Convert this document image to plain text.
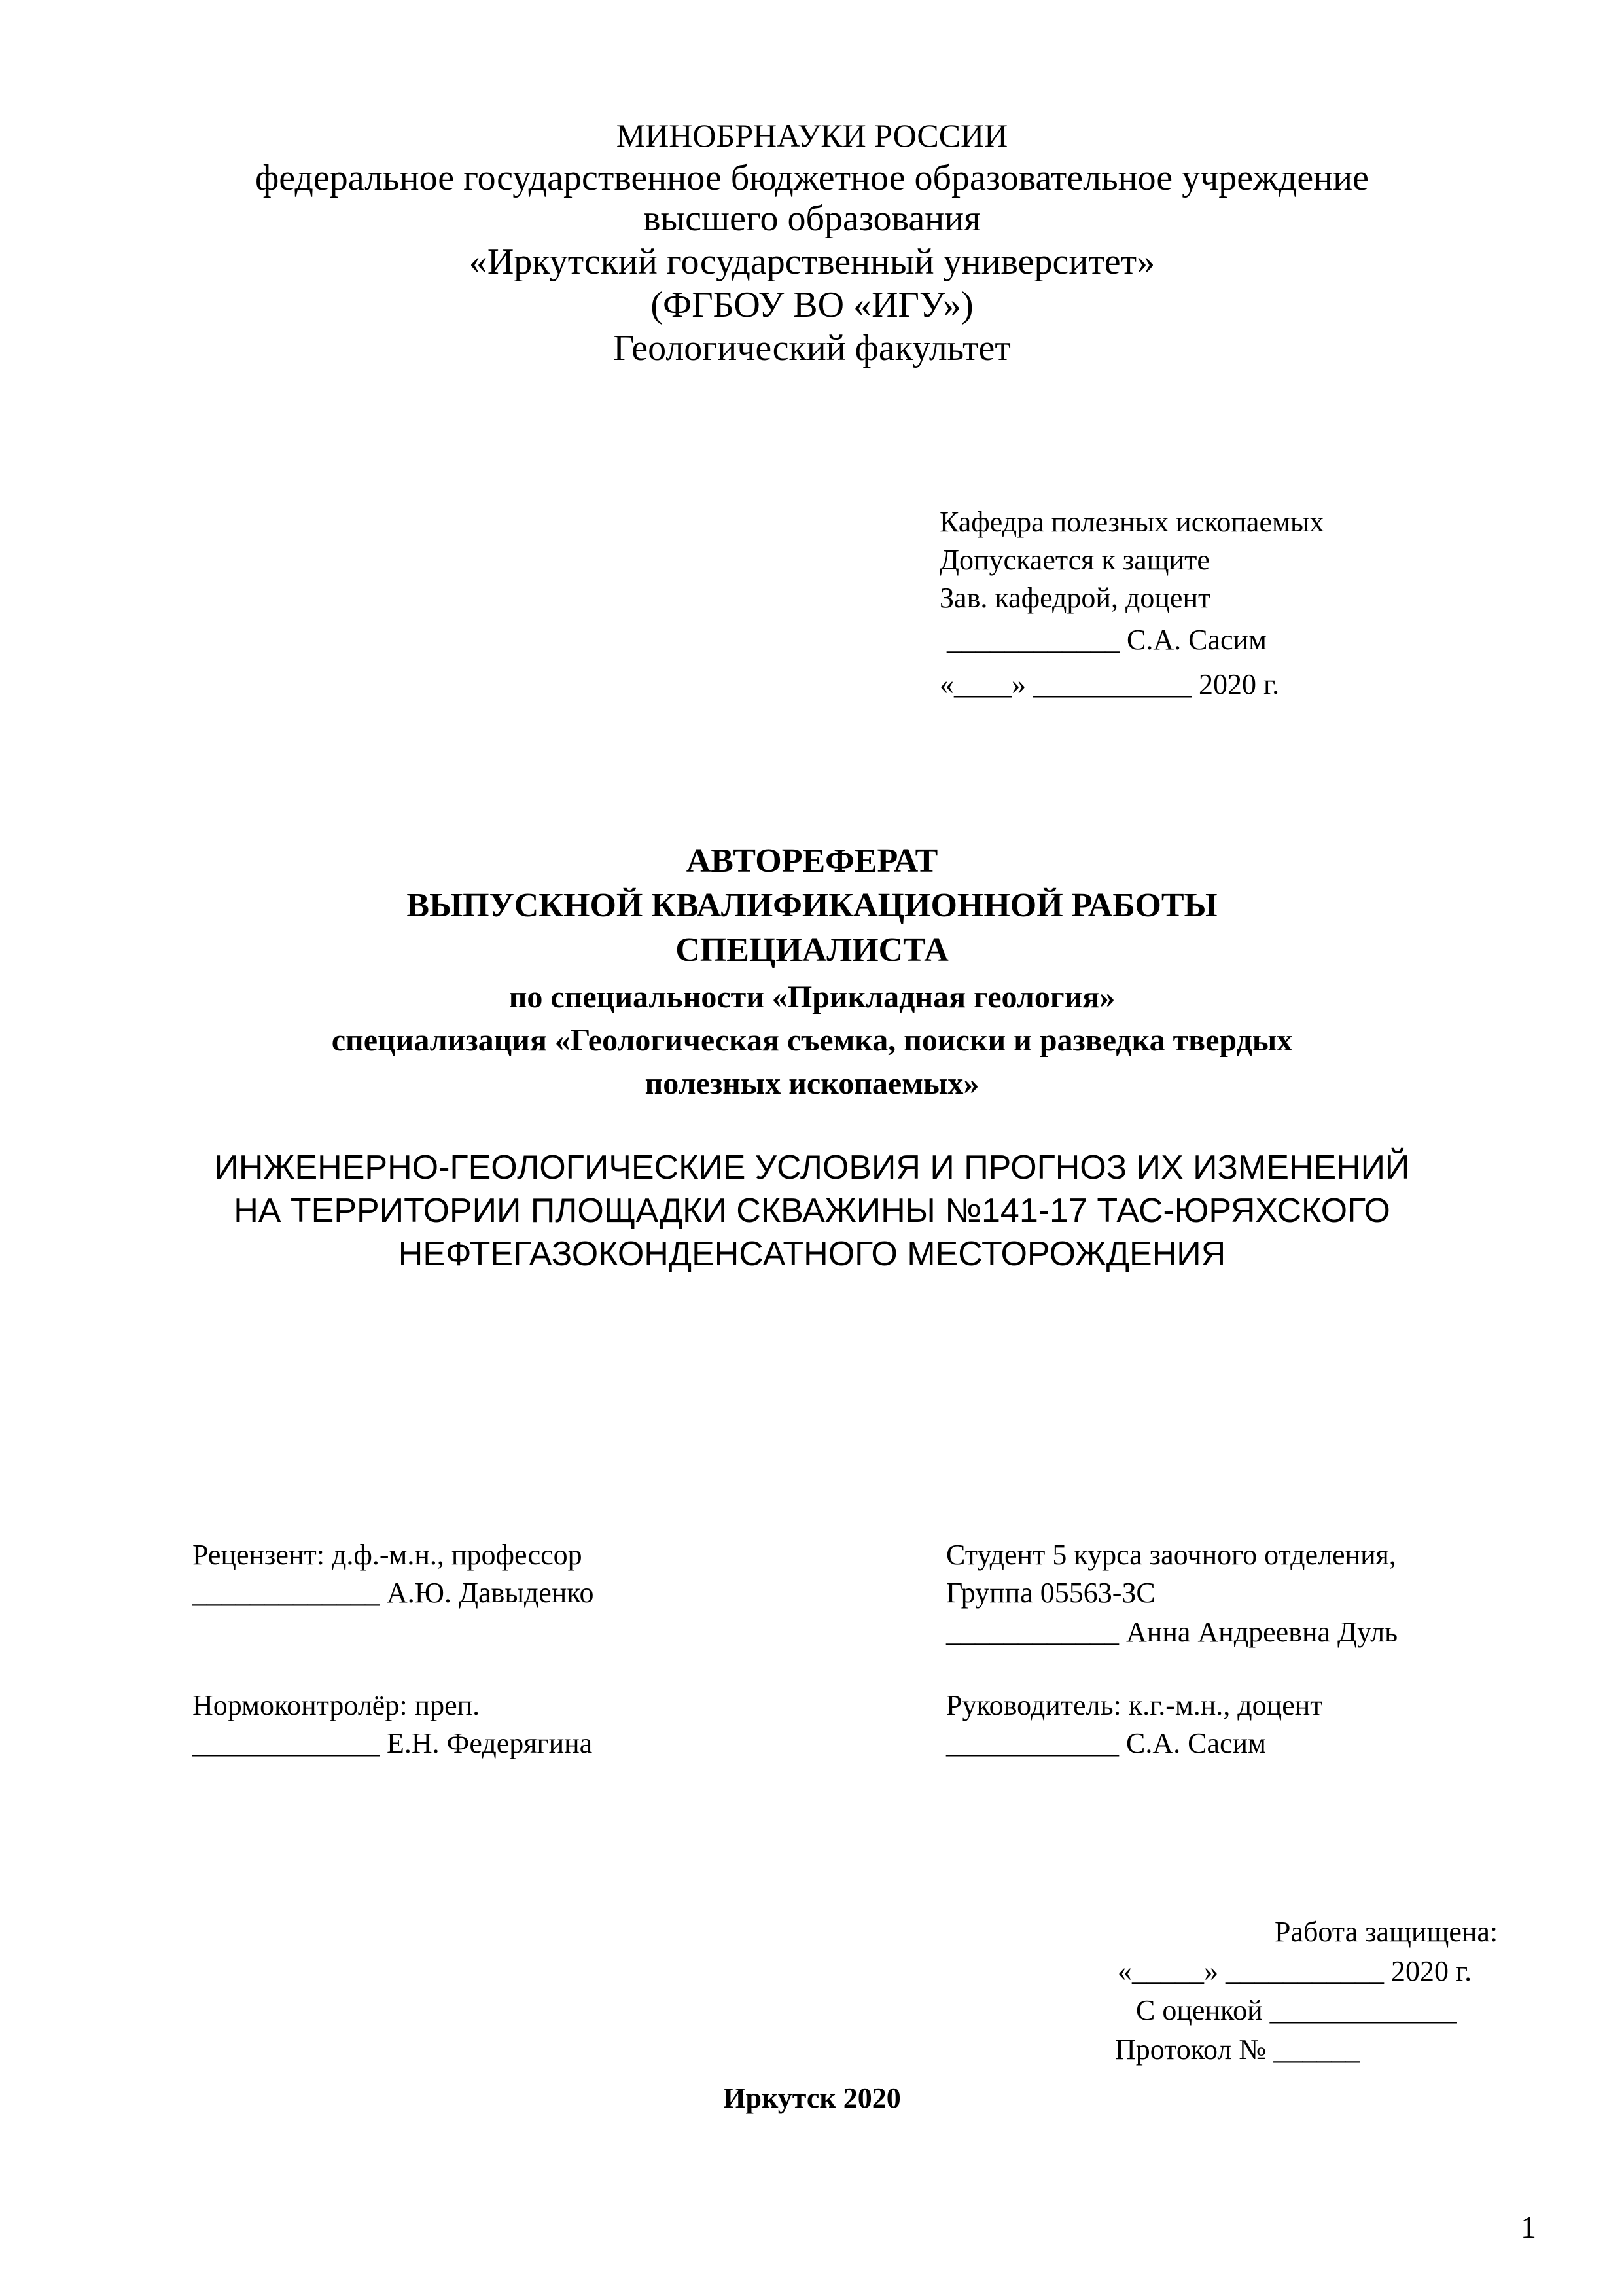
МИНОБРНАУКИ РОССИИ
федеральное государственное бюджетное образовательное учреждение
высшего образования
«Иркутский государственный университет»
(ФГБОУ ВО «ИГУ»)
Геологический факультет
Кафедра полезных ископаемых
Допускается к защите
Зав. кафедрой, доцент
____________ С.А. Сасим
«____» ___________ 2020 г.
АВТОРЕФЕРАТ
ВЫПУСКНОЙ КВАЛИФИКАЦИОННОЙ РАБОТЫ
СПЕЦИАЛИСТА
по специальности «Прикладная геология»
специализация «Геологическая съемка, поиски и разведка твердых
полезных ископаемых»
ИНЖЕНЕРНО-ГЕОЛОГИЧЕСКИЕ УСЛОВИЯ И ПРОГНОЗ ИХ ИЗМЕНЕНИЙ
НА ТЕРРИТОРИИ ПЛОЩАДКИ СКВАЖИНЫ №141-17 ТАС-ЮРЯХСКОГО
НЕФТЕГАЗОКОНДЕНСАТНОГО МЕСТОРОЖДЕНИЯ
Рецензент: д.ф.-м.н., профессор
_____________ А.Ю. Давыденко
Нормоконтролёр: преп.
_____________ Е.Н. Федерягина
Студент 5 курса заочного отделения,
Группа 05563-ЗС
____________ Анна Андреевна Дуль
Руководитель: к.г.-м.н., доцент
____________ С.А. Сасим
Работа защищена:
«_____» ___________ 2020 г.
С оценкой _____________
Протокол № ______
Иркутск 2020
1
